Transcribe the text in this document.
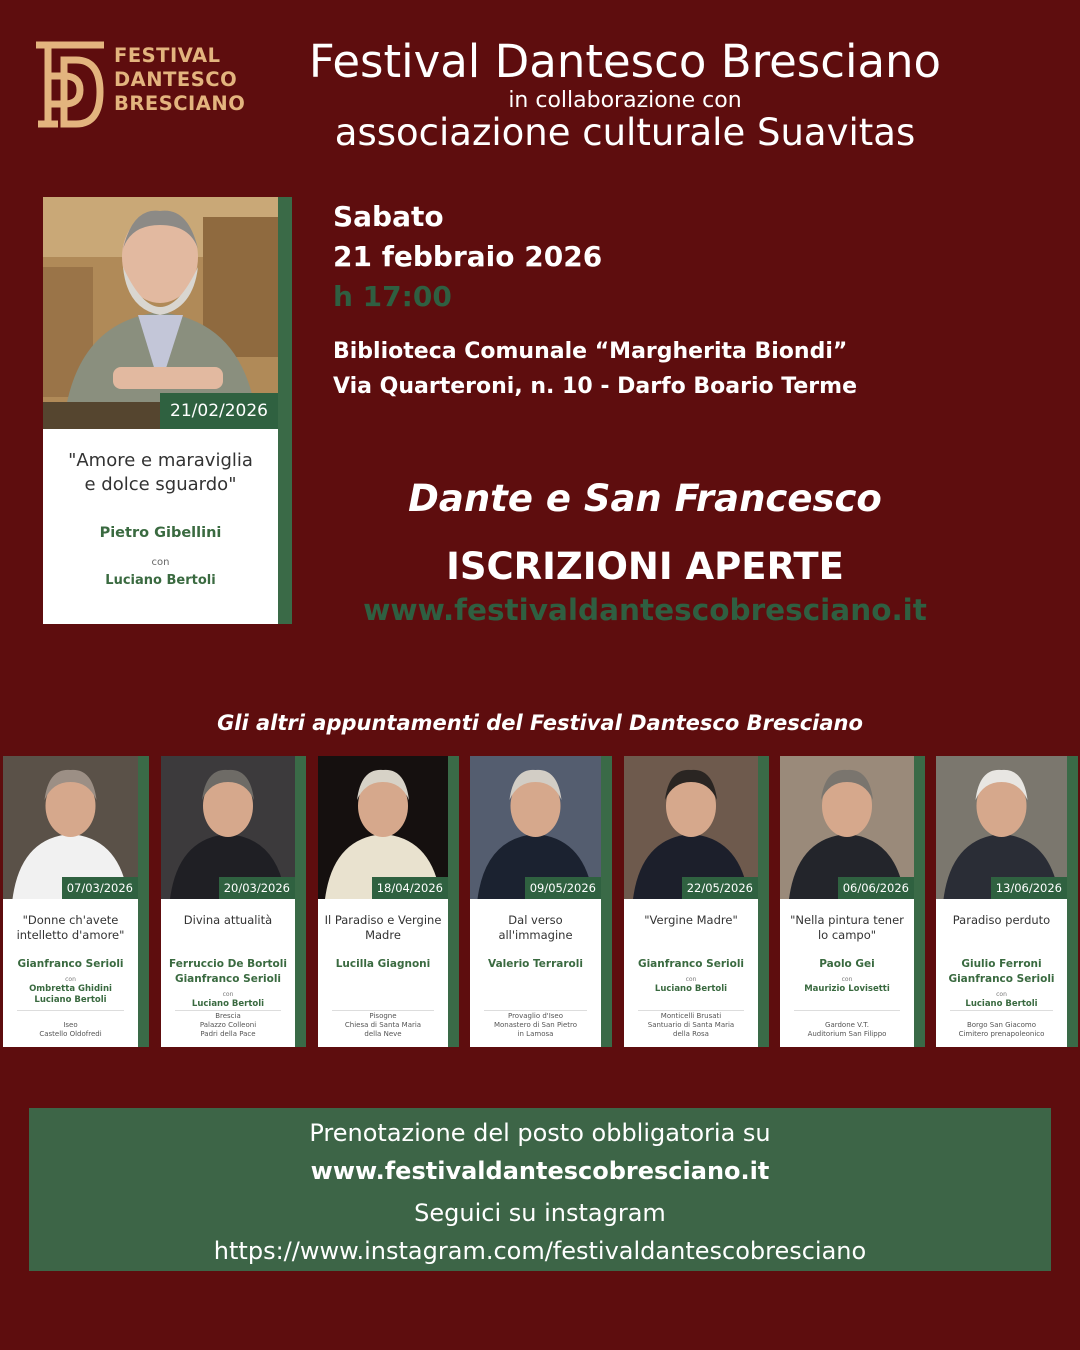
FESTIVAL
DANTESCO
BRESCIANO
Festival Dantesco Bresciano
in collaborazione con
associazione culturale Suavitas
21/02/2026
"Amore e maraviglia
e dolce sguardo"
Pietro Gibellini
con
Luciano Bertoli
Sabato
21 febbraio 2026
h 17:00
Biblioteca Comunale “Margherita Biondi”
Via Quarteroni, n. 10 - Darfo Boario Terme
Dante e San Francesco
ISCRIZIONI APERTE
www.festivaldantescobresciano.it
Gli altri appuntamenti del Festival Dantesco Bresciano
07/03/2026
"Donne ch'avete intelletto d'amore"
Gianfranco Serioli
con
Ombretta Ghidini
Luciano Bertoli
Iseo
Castello Oldofredi
20/03/2026
Divina attualità
Ferruccio De Bortoli
Gianfranco Serioli
con
Luciano Bertoli
Brescia
Palazzo Colleoni
Padri della Pace
18/04/2026
Il Paradiso e Vergine Madre
Lucilla Giagnoni
Pisogne
Chiesa di Santa Maria
della Neve
09/05/2026
Dal verso all'immagine
Valerio Terraroli
Provaglio d'Iseo
Monastero di San Pietro
in Lamosa
22/05/2026
"Vergine Madre"
Gianfranco Serioli
con
Luciano Bertoli
Monticelli Brusati
Santuario di Santa Maria
della Rosa
06/06/2026
"Nella pintura tener lo campo"
Paolo Gei
con
Maurizio Lovisetti
Gardone V.T.
Auditorium San Filippo
13/06/2026
Paradiso perduto
Giulio Ferroni
Gianfranco Serioli
con
Luciano Bertoli
Borgo San Giacomo
Cimitero prenapoleonico
Prenotazione del posto obbligatoria su
www.festivaldantescobresciano.it
Seguici su instagram
https://www.instagram.com/festivaldantescobresciano
